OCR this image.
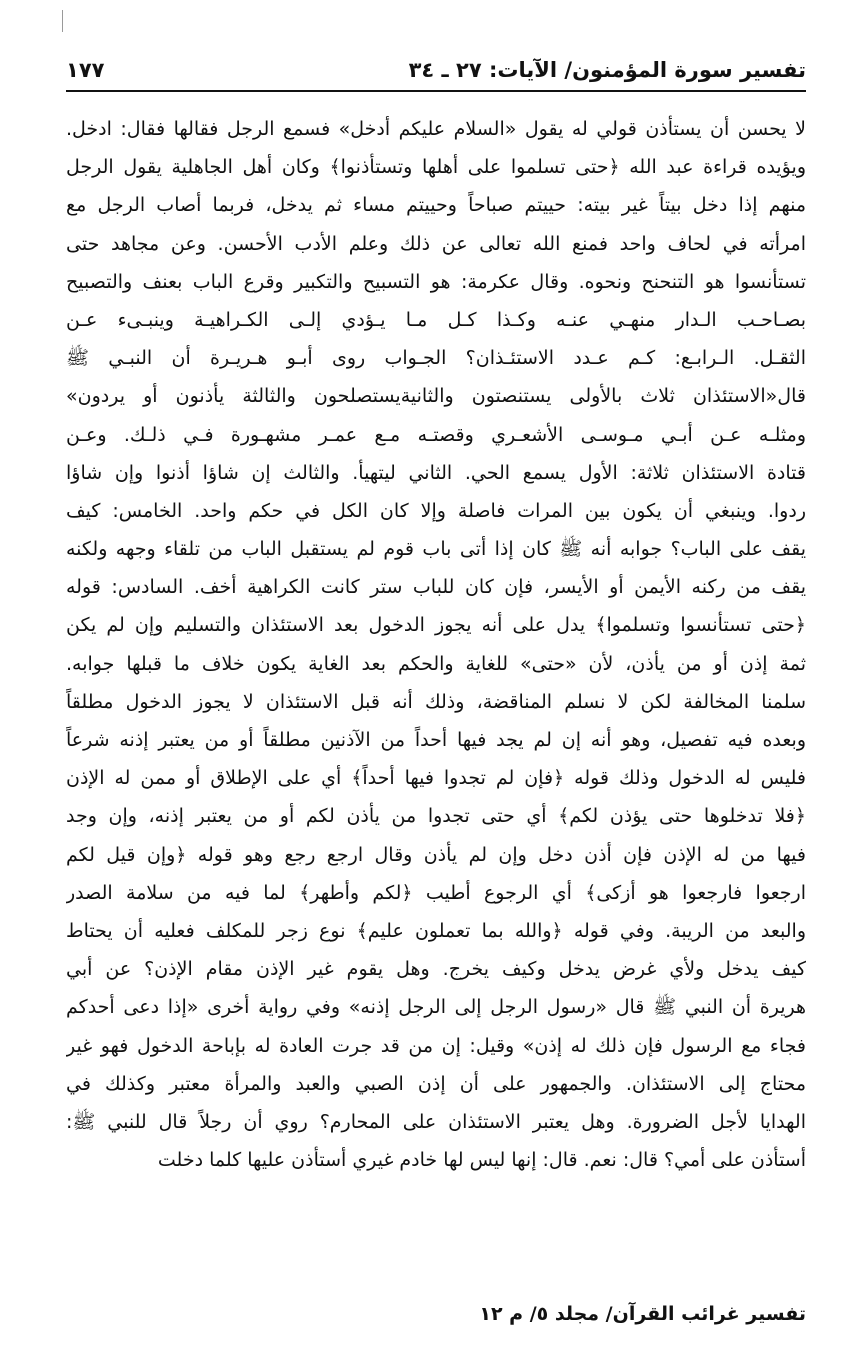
تفسير سورة المؤمنون/ الآيات: ٢٧ ـ ٣٤
١٧٧
لا يحسن أن يستأذن قولي له يقول «السلام عليكم أدخل» فسمع الرجل فقالها فقال: ادخل.
ويؤيده قراءة عبد الله ﴿حتى تسلموا على أهلها وتستأذنوا﴾ وكان أهل الجاهلية يقول الرجل
منهم إذا دخل بيتاً غير بيته: حييتم صباحاً وحييتم مساء ثم يدخل، فربما أصاب الرجل مع
امرأته في لحاف واحد فمنع الله تعالى عن ذلك وعلم الأدب الأحسن. وعن مجاهد حتى
تستأنسوا هو التنحنح ونحوه. وقال عكرمة: هو التسبيح والتكبير وقرع الباب بعنف والتصبيح
بصـاحـب الـدار منهـي عنـه وكـذا كـل مـا يـؤدي إلـى الكـراهيـة وينبـىء عـن
الثقـل. الـرابـع: كـم عـدد الاستئـذان؟ الجـواب روى أبـو هـريـرة أن النبـي ﷺ
قال«الاستئذان ثلاث بالأولى يستنصتون والثانيةيستصلحون والثالثة يأذنون أو يردون»
ومثلـه عـن أبـي مـوسـى الأشعـري وقصتـه مـع عمـر مشهـورة فـي ذلـك. وعـن
قتادة الاستئذان ثلاثة: الأول يسمع الحي. الثاني ليتهيأ. والثالث إن شاؤا أذنوا وإن شاؤا
ردوا. وينبغي أن يكون بين المرات فاصلة وإلا كان الكل في حكم واحد. الخامس: كيف
يقف على الباب؟ جوابه أنه ﷺ كان إذا أتى باب قوم لم يستقبل الباب من تلقاء وجهه ولكنه
يقف من ركنه الأيمن أو الأيسر، فإن كان للباب ستر كانت الكراهية أخف. السادس: قوله
﴿حتى تستأنسوا وتسلموا﴾ يدل على أنه يجوز الدخول بعد الاستئذان والتسليم وإن لم يكن
ثمة إذن أو من يأذن، لأن «حتى» للغاية والحكم بعد الغاية يكون خلاف ما قبلها جوابه.
سلمنا المخالفة لكن لا نسلم المناقضة، وذلك أنه قبل الاستئذان لا يجوز الدخول مطلقاً
وبعده فيه تفصيل، وهو أنه إن لم يجد فيها أحداً من الآذنين مطلقاً أو من يعتبر إذنه شرعاً
فليس له الدخول وذلك قوله ﴿فإن لم تجدوا فيها أحداً﴾ أي على الإطلاق أو ممن له الإذن
﴿فلا تدخلوها حتى يؤذن لكم﴾ أي حتى تجدوا من يأذن لكم أو من يعتبر إذنه، وإن وجد
فيها من له الإذن فإن أذن دخل وإن لم يأذن وقال ارجع رجع وهو قوله ﴿وإن قيل لكم
ارجعوا فارجعوا هو أزكى﴾ أي الرجوع أطيب ﴿لكم وأطهر﴾ لما فيه من سلامة الصدر
والبعد من الريبة. وفي قوله ﴿والله بما تعملون عليم﴾ نوع زجر للمكلف فعليه أن يحتاط
كيف يدخل ولأي غرض يدخل وكيف يخرج. وهل يقوم غير الإذن مقام الإذن؟ عن أبي
هريرة أن النبي ﷺ قال «رسول الرجل إلى الرجل إذنه» وفي رواية أخرى «إذا دعى أحدكم
فجاء مع الرسول فإن ذلك له إذن» وقيل: إن من قد جرت العادة له بإباحة الدخول فهو غير
محتاج إلى الاستئذان. والجمهور على أن إذن الصبي والعبد والمرأة معتبر وكذلك في
الهدايا لأجل الضرورة. وهل يعتبر الاستئذان على المحارم؟ روي أن رجلاً قال للنبي ﷺ:
أستأذن على أمي؟ قال: نعم. قال: إنها ليس لها خادم غيري أستأذن عليها كلما دخلت
تفسير غرائب القرآن/ مجلد ٥/ م ١٢
